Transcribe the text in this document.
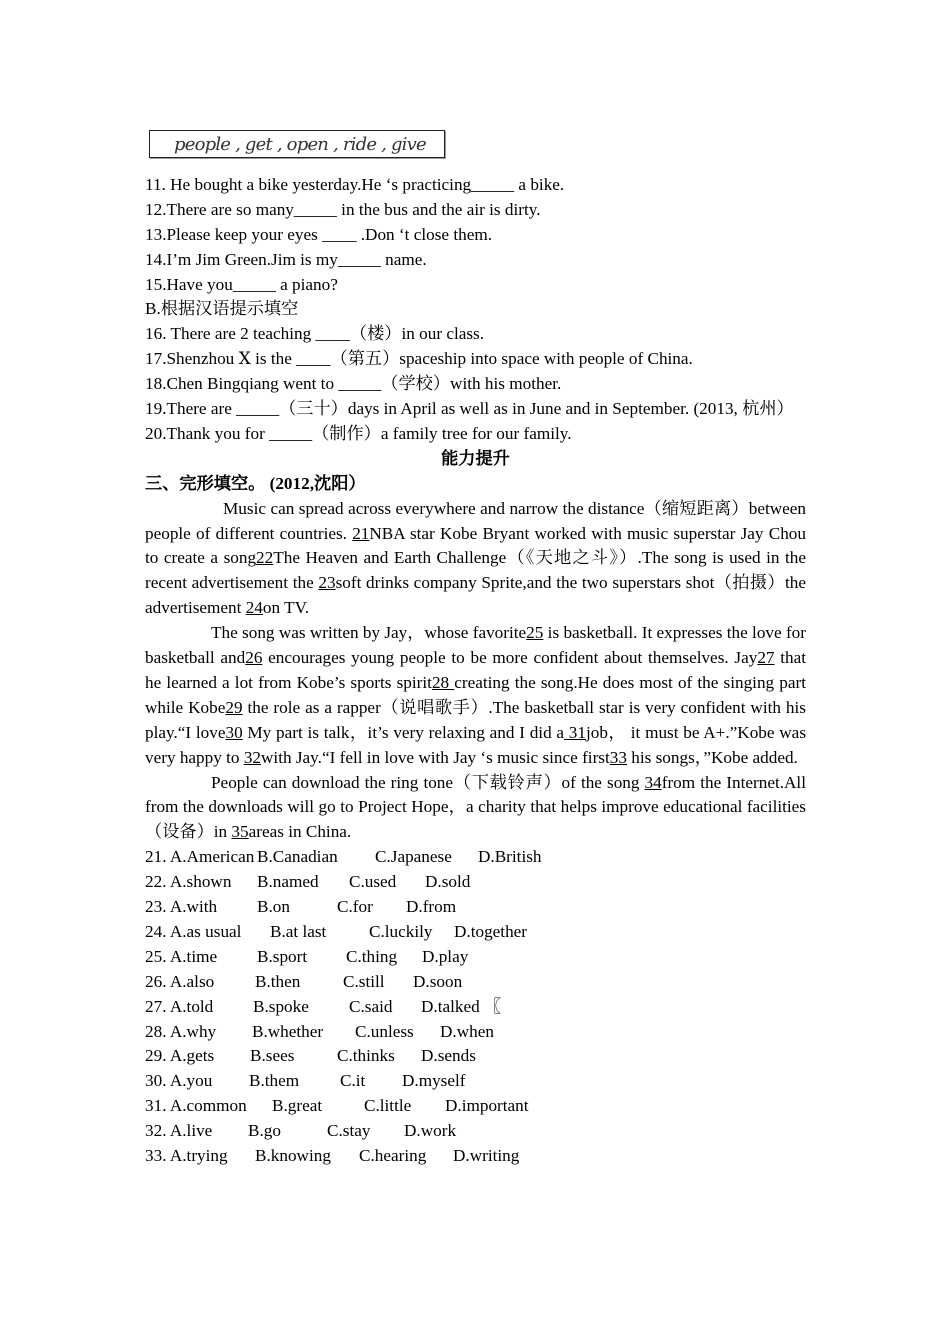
people , get , open , ride , give
11. He bought a bike yesterday.He ‘s practicing_____ a bike.
12.There are so many_____ in the bus and the air is dirty.
13.Please keep your eyes ____ .Don ‘t close them.
14.I’m Jim Green.Jim is my_____ name.
15.Have you_____ a piano?
B.根据汉语提示填空
16. There are 2 teaching ____（楼）in our class.
17.Shenzhou Ⅹ is the ____（第五）spaceship into space with people of China.
18.Chen Bingqiang went to _____（学校）with his mother.
19.There are _____（三十）days in April as well as in June and in September. (2013, 杭州）
20.Thank you for _____（制作）a family tree for our family.
能力提升
三、完形填空。 (2012,沈阳）
Music can spread across everywhere and narrow the distance（缩短距离）between people of different countries. 21NBA star Kobe Bryant worked with music superstar Jay Chou to create a song22The Heaven and Earth Challenge（《天地之斗》）.The song is used in the recent advertisement the 23soft drinks company Sprite,and the two superstars shot（拍摄）the advertisement 24on TV.
The song was written by Jay，whose favorite25 is basketball. It expresses the love for basketball and26 encourages young people to be more confident about themselves. Jay27 that he learned a lot from Kobe’s sports spirit28 creating the song.He does most of the singing part while Kobe29 the role as a rapper（说唱歌手）.The basketball star is very confident with his play.“I love30 My part is talk，it’s very relaxing and I did a 31job， it must be A+.”Kobe was very happy to 32with Jay.“I fell in love with Jay ‘s music since first33 his songs，”Kobe added.
People can download the ring tone（下载铃声）of the song 34from the Internet.All from the downloads will go to Project Hope，a charity that helps improve educational facilities（设备）in 35areas in China.
21. A.American B.Canadian C.Japanese D.British
22. A.shown B.named C.used D.sold
23. A.with B.on	C.for D.from
24. A.as usual B.at last C.luckily D.together
25. A.time B.sport C.thing D.play
26. A.also B.then C.still D.soon
27. A.told B.spoke C.said D.talked 〖
28. A.why B.whether C.unless D.when
29. A.gets B.sees C.thinks D.sends
30. A.you B.them C.it D.myself
31. A.common B.great C.little D.important
32. A.live B.go	C.stay D.work
33. A.trying B.knowing C.hearing D.writing
